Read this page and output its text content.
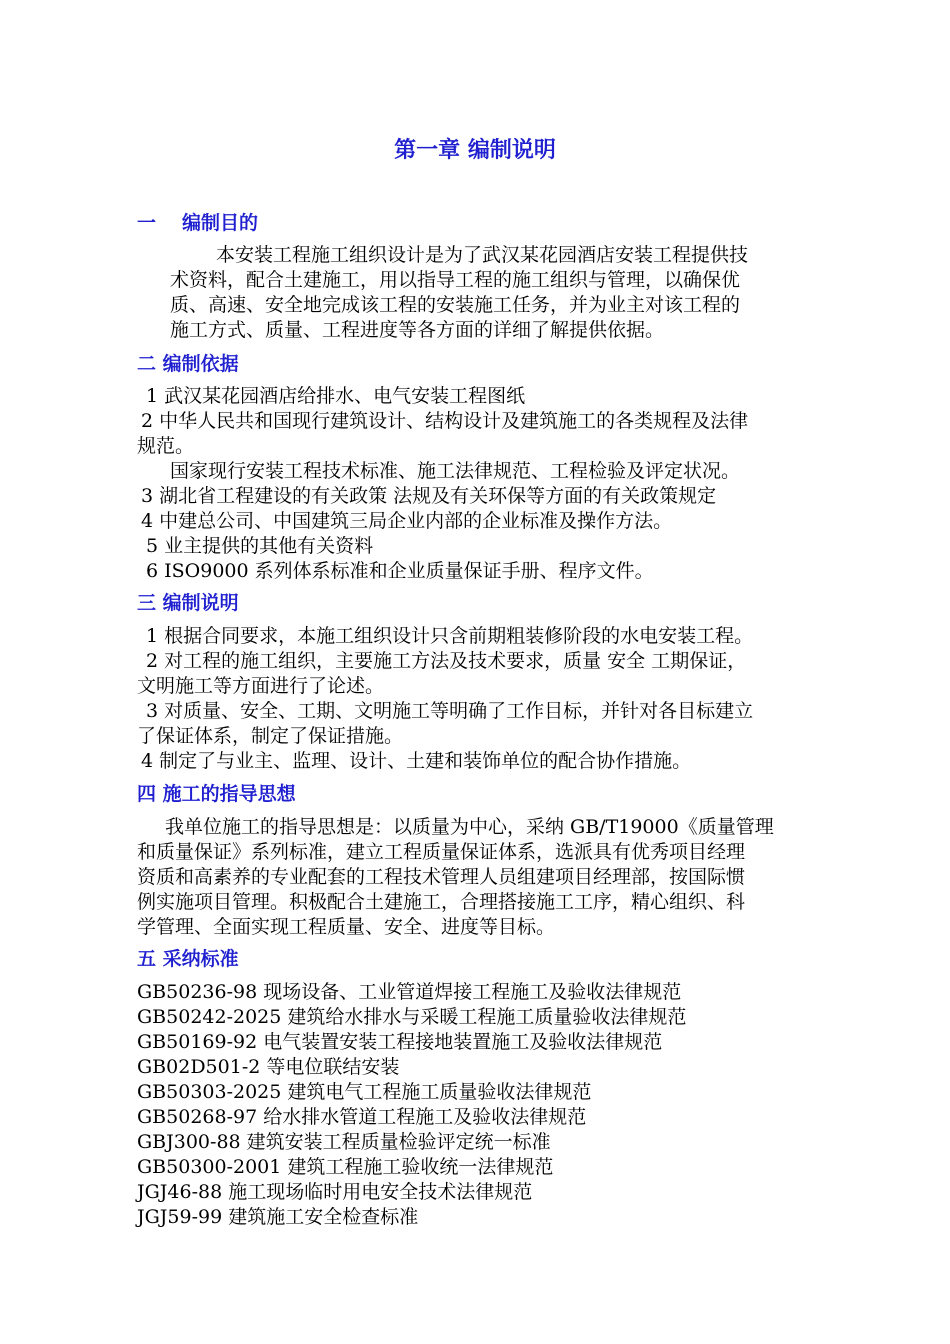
第一章 编制说明
一 编制目的
本安装工程施工组织设计是为了武汉某花园酒店安装工程提供技
术资料，配合土建施工，用以指导工程的施工组织与管理，以确保优
质、高速、安全地完成该工程的安装施工任务，并为业主对该工程的
施工方式、质量、工程进度等各方面的详细了解提供依据。
二 编制依据
1 武汉某花园酒店给排水、电气安装工程图纸
2 中华人民共和国现行建筑设计、结构设计及建筑施工的各类规程及法律
规范。
国家现行安装工程技术标准、施工法律规范、工程检验及评定状况。
3 湖北省工程建设的有关政策 法规及有关环保等方面的有关政策规定
4 中建总公司、中国建筑三局企业内部的企业标准及操作方法。
5 业主提供的其他有关资料
6 ISO9000 系列体系标准和企业质量保证手册、程序文件。
三 编制说明
1 根据合同要求，本施工组织设计只含前期粗装修阶段的水电安装工程。
2 对工程的施工组织，主要施工方法及技术要求，质量 安全 工期保证，
文明施工等方面进行了论述。
3 对质量、安全、工期、文明施工等明确了工作目标，并针对各目标建立
了保证体系，制定了保证措施。
4 制定了与业主、监理、设计、土建和装饰单位的配合协作措施。
四 施工的指导思想
我单位施工的指导思想是：以质量为中心，采纳 GB/T19000《质量管理
和质量保证》系列标准，建立工程质量保证体系，选派具有优秀项目经理
资质和高素养的专业配套的工程技术管理人员组建项目经理部，按国际惯
例实施项目管理。积极配合土建施工，合理搭接施工工序，精心组织、科
学管理、全面实现工程质量、安全、进度等目标。
五 采纳标准
GB50236-98 现场设备、工业管道焊接工程施工及验收法律规范
GB50242-2025 建筑给水排水与采暖工程施工质量验收法律规范
GB50169-92 电气装置安装工程接地装置施工及验收法律规范
GB02D501-2 等电位联结安装
GB50303-2025 建筑电气工程施工质量验收法律规范
GB50268-97 给水排水管道工程施工及验收法律规范
GBJ300-88 建筑安装工程质量检验评定统一标准
GB50300-2001 建筑工程施工验收统一法律规范
JGJ46-88 施工现场临时用电安全技术法律规范
JGJ59-99 建筑施工安全检查标准
